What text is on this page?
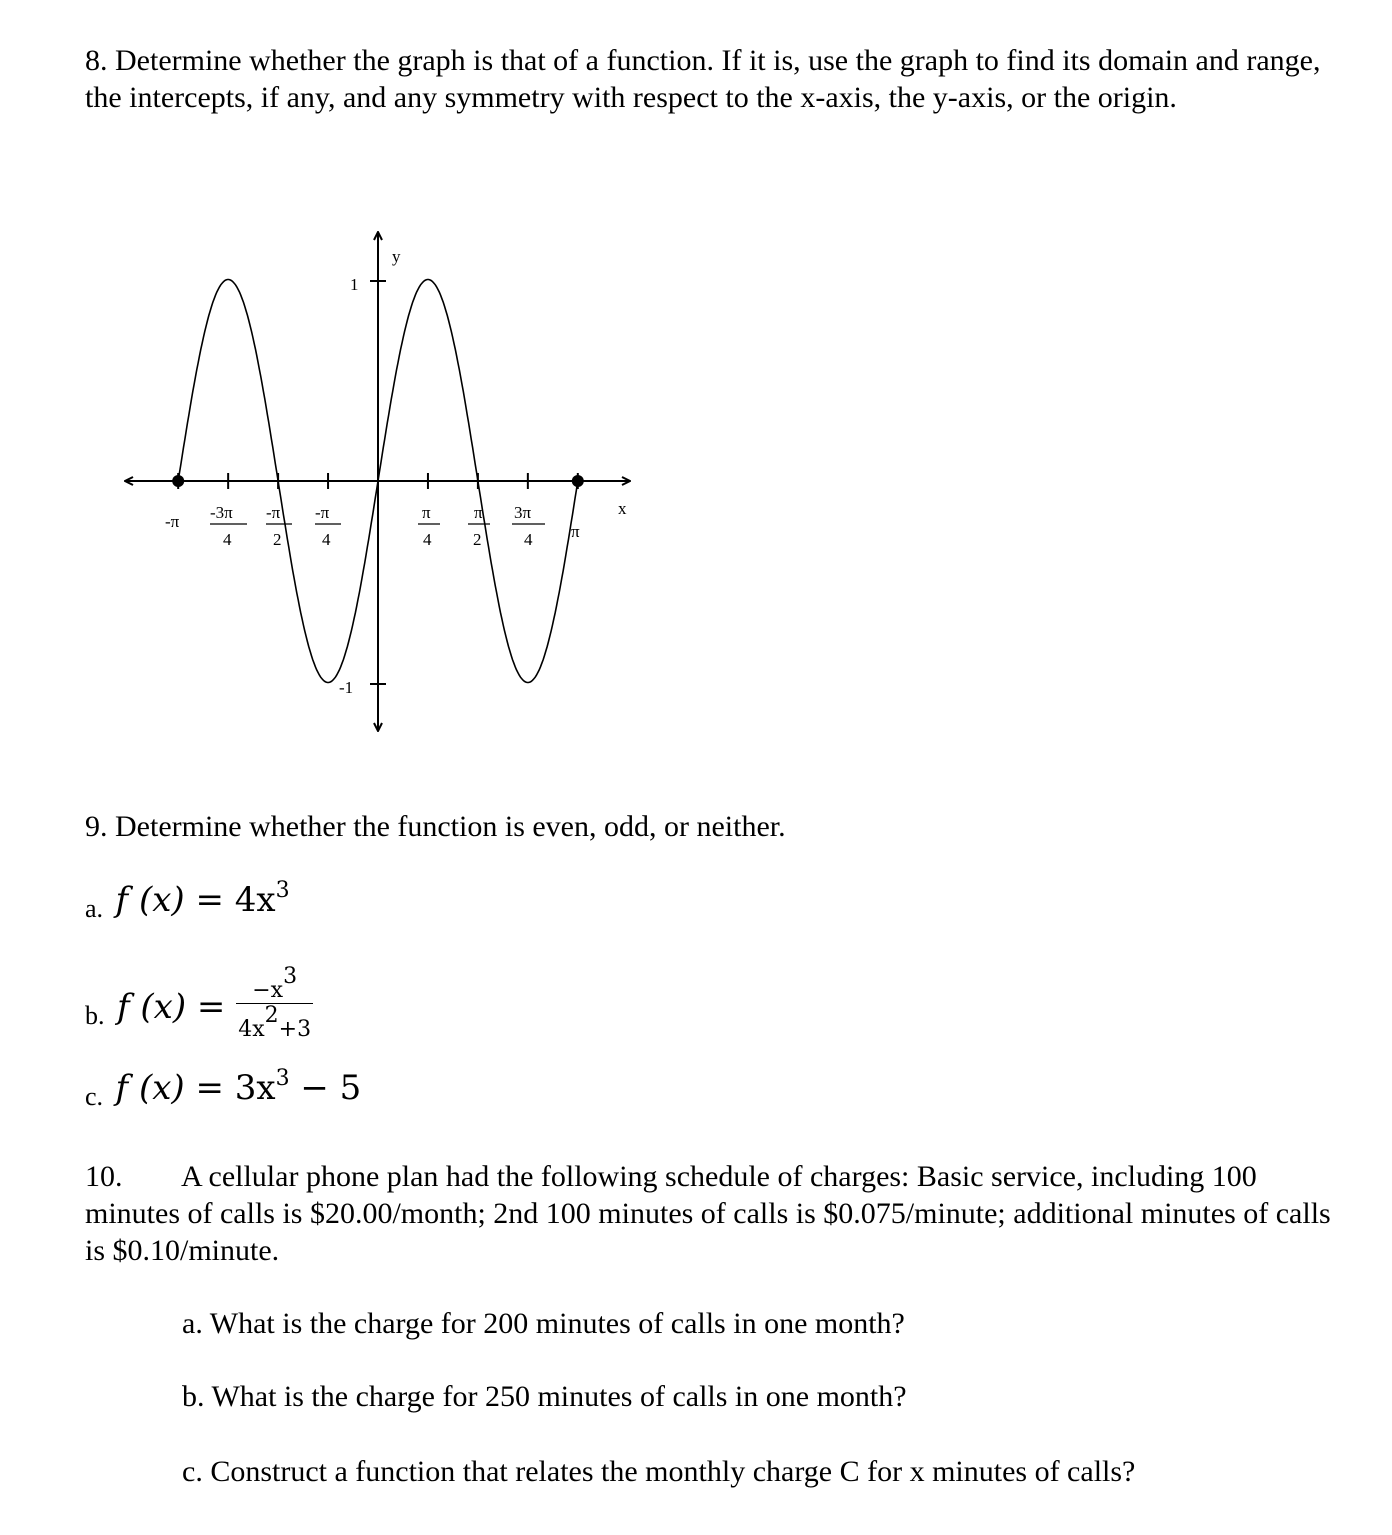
8. Determine whether the graph is that of a function. If it is, use the graph to find its domain and range, the intercepts, if any, and any symmetry with respect to the x-axis, the y-axis, or the origin.

y
x
1
-1
-π -3π
4
-π
2
-π
4
π
4
π
2
3π
4 π

9. Determine whether the function is even, odd, or neither.

a. f $(x) = 4x^3$
b. f $(x) = \frac{-x^3}{4x^2+3}$
c. f $(x) = 3x^3 - 5$

10. A cellular phone plan had the following schedule of charges: Basic service, including 100 minutes of calls is $20.00/month; 2nd 100 minutes of calls is $0.075/minute; additional minutes of calls is $0.10/minute.

a. What is the charge for 200 minutes of calls in one month?
b. What is the charge for 250 minutes of calls in one month?
c. Construct a function that relates the monthly charge C for x minutes of calls?
